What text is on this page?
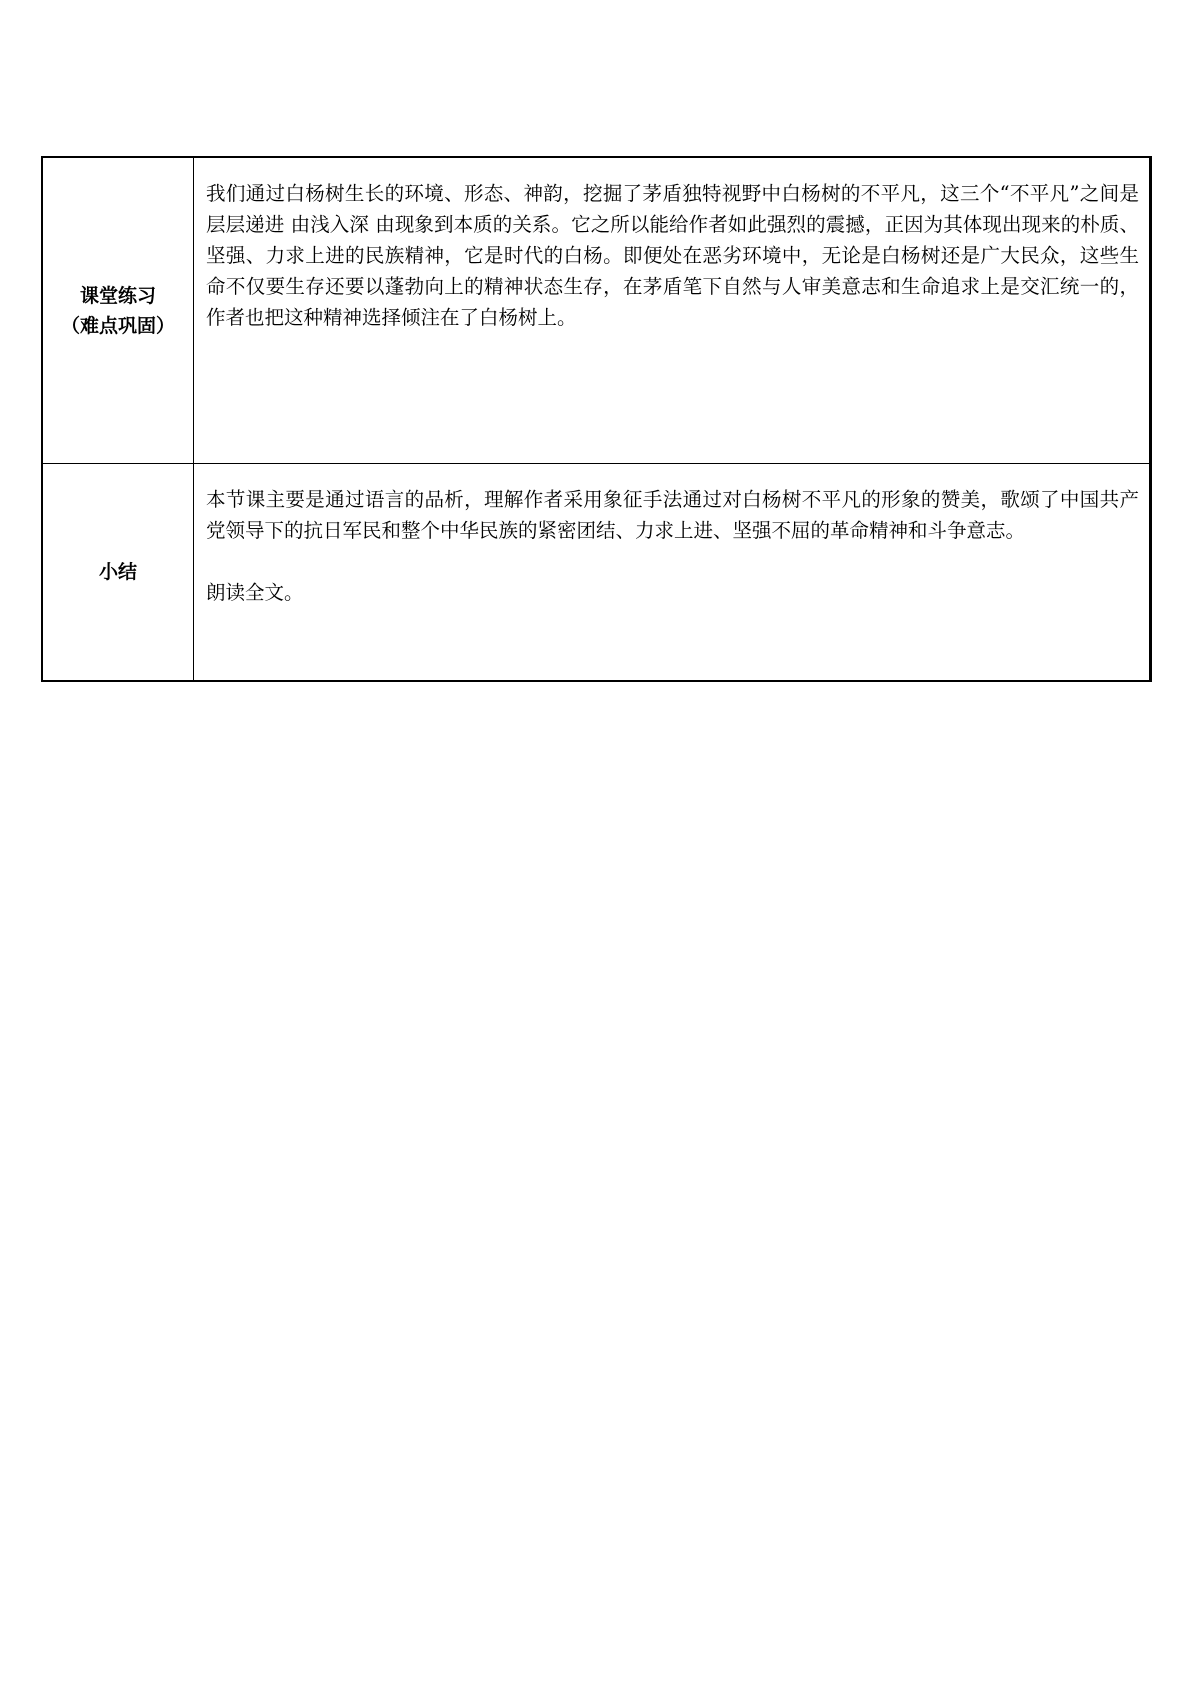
课堂练习
（难点巩固）	我们通过白杨树生长的环境、形态、神韵，挖掘了茅盾独特视野中白杨树的不平凡，这三个“不平凡”之间是层层递进 由浅入深 由现象到本质的关系。它之所以能给作者如此强烈的震撼，正因为其体现出现来的朴质、坚强、力求上进的民族精神，它是时代的白杨。即便处在恶劣环境中，无论是白杨树还是广大民众，这些生命不仅要生存还要以蓬勃向上的精神状态生存，在茅盾笔下自然与人审美意志和生命追求上是交汇统一的，作者也把这种精神选择倾注在了白杨树上。

小结	本节课主要是通过语言的品析，理解作者采用象征手法通过对白杨树不平凡的形象的赞美，歌颂了中国共产党领导下的抗日军民和整个中华民族的紧密团结、力求上进、坚强不屈的革命精神和斗争意志。

朗读全文。
